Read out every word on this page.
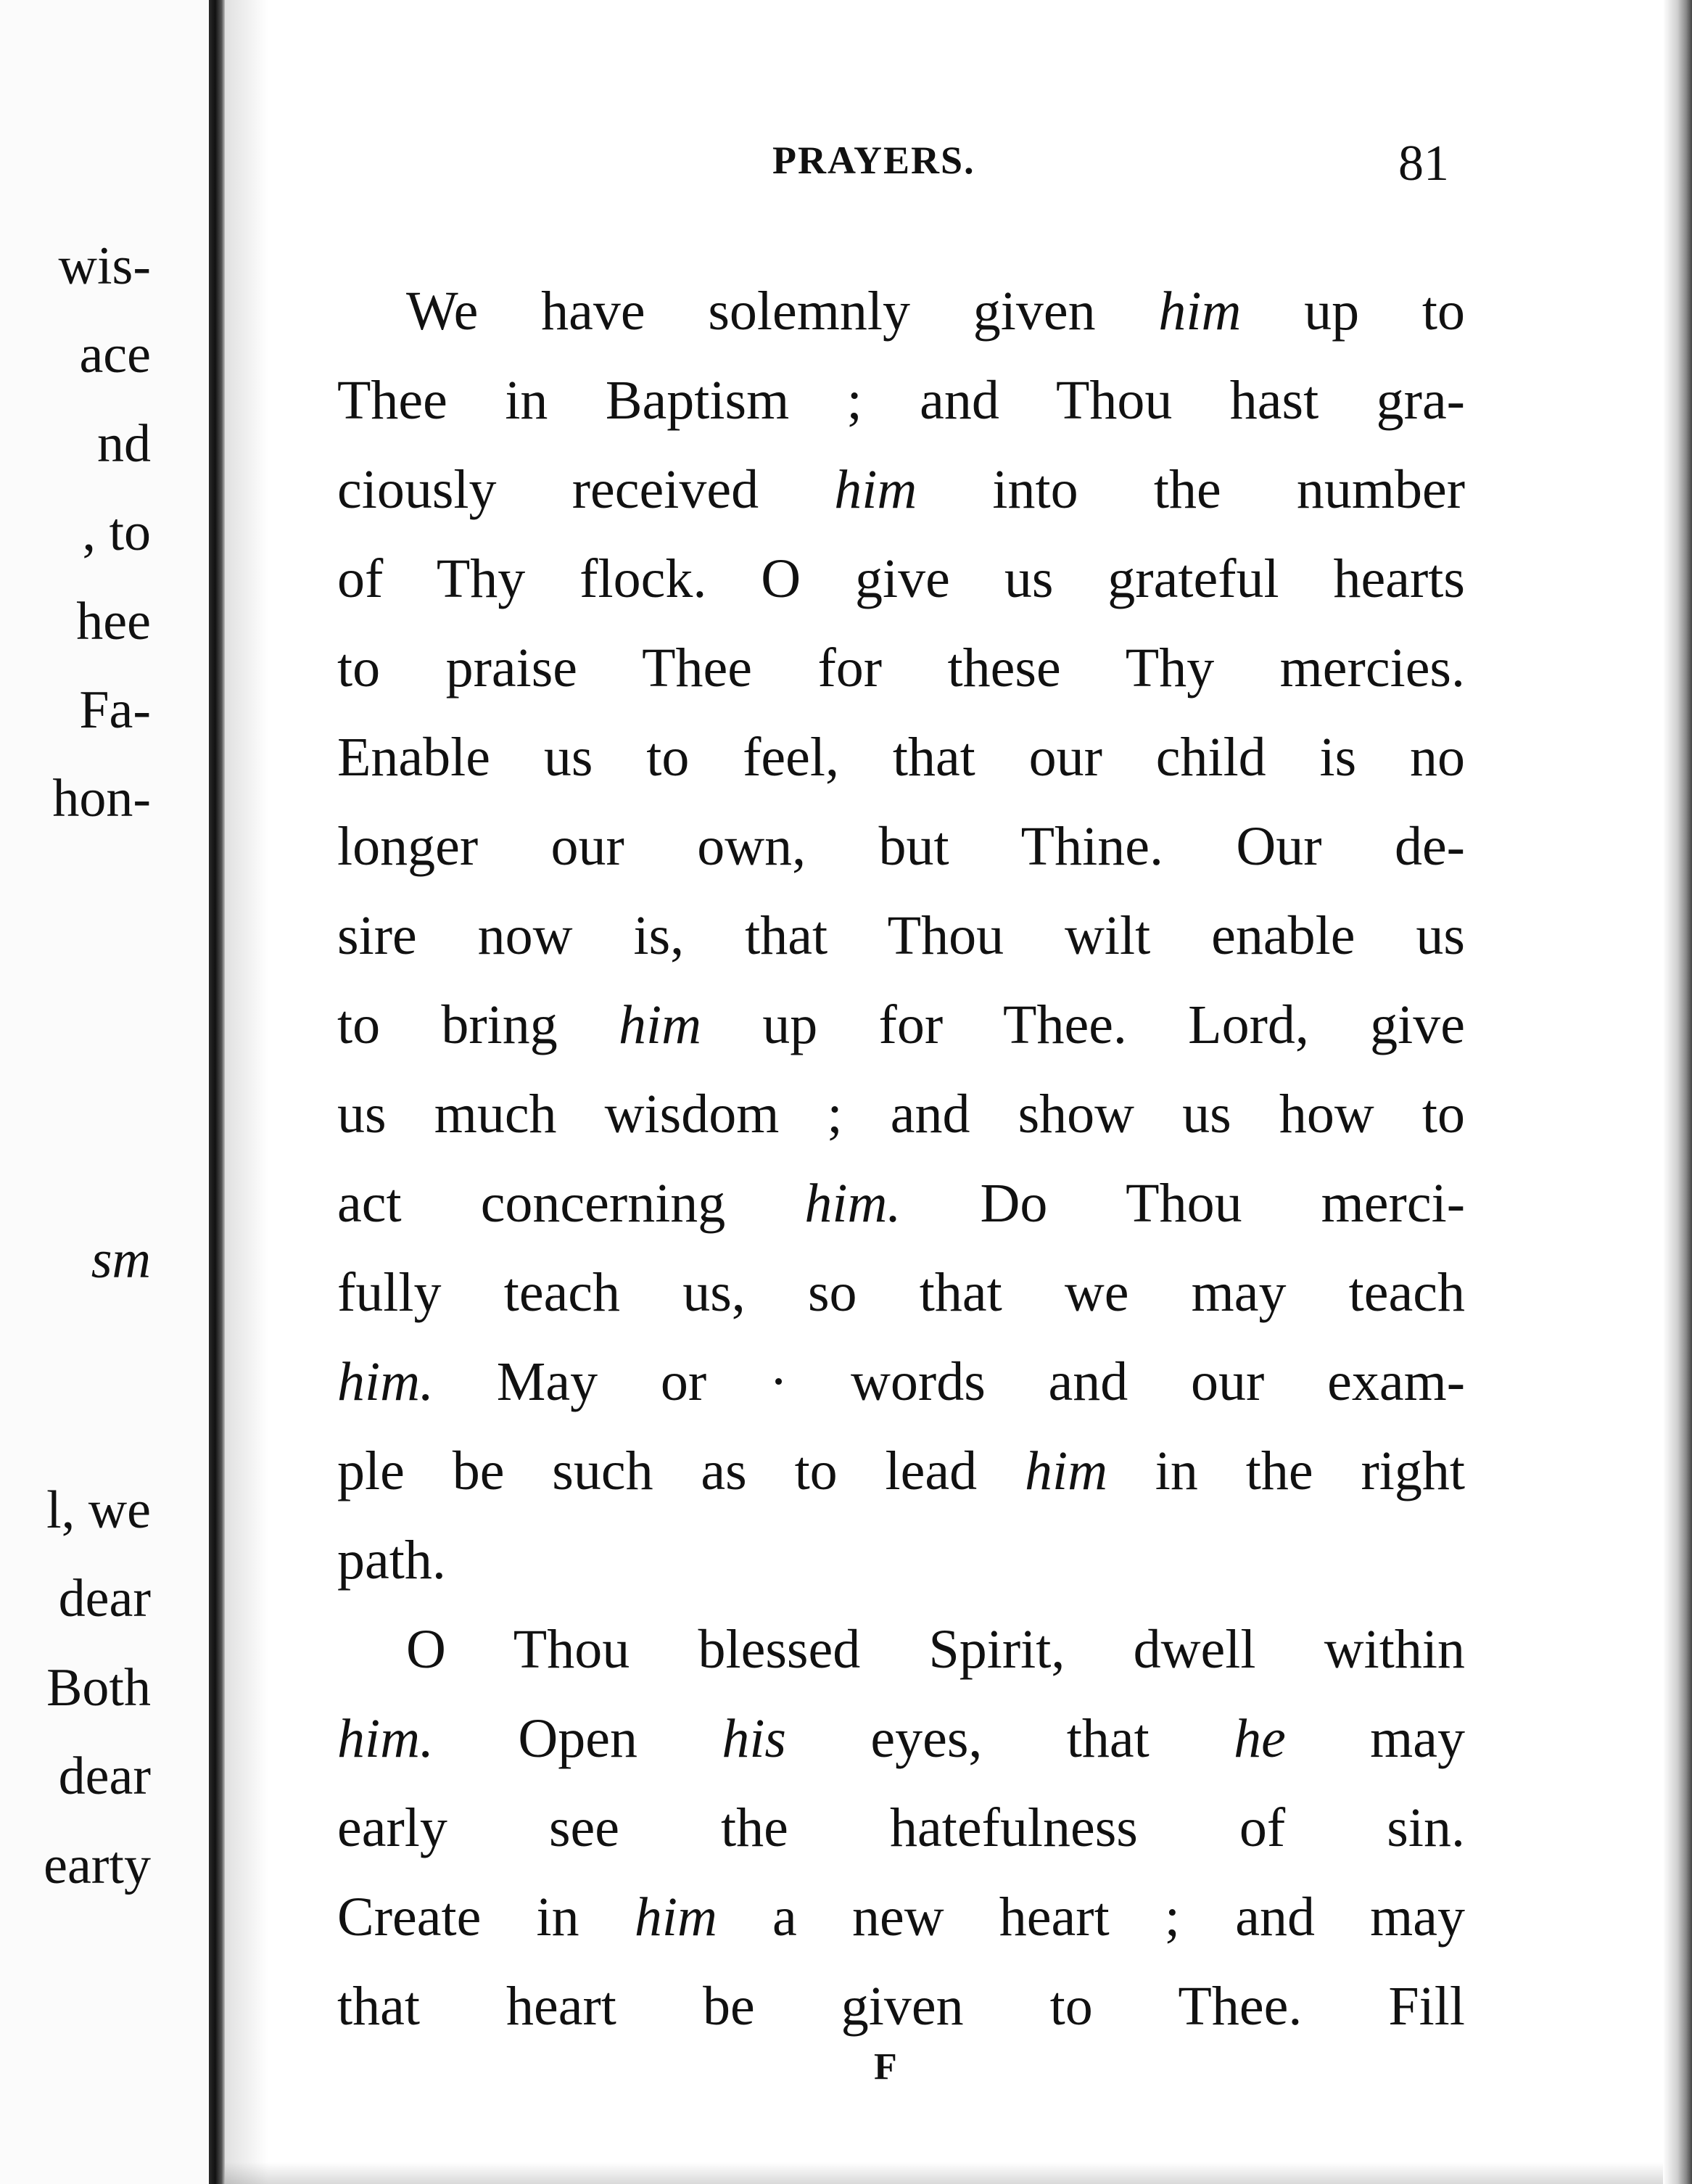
wis-
ace
nd
, to
hee
Fa-
hon-
sm
l, we
dear
Both
dear
earty
PRAYERS.	81
We have solemnly given him up to
Thee in Baptism ; and Thou hast gra-
ciously received him into the number
of Thy flock. O give us grateful hearts
to praise Thee for these Thy mercies.
Enable us to feel, that our child is no
longer our own, but Thine. Our de-
sire now is, that Thou wilt enable us
to bring him up for Thee. Lord, give
us much wisdom ; and show us how to
act concerning him. Do Thou merci-
fully teach us, so that we may teach
him. May or · words and our exam-
ple be such as to lead him in the right
path.
O Thou blessed Spirit, dwell within
him. Open his eyes, that he may
early see the hatefulness of sin.
Create in him a new heart ; and may
that heart be given to Thee. Fill
F
